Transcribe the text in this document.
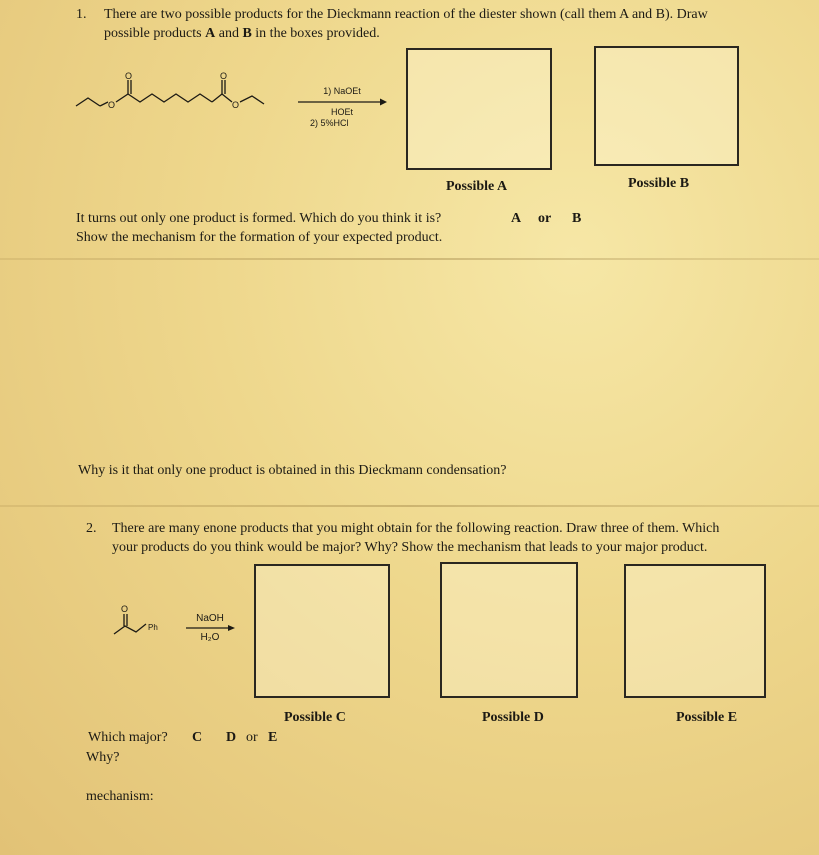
1. There are two possible products for the Dieckmann reaction of the diester shown (call them A and B). Draw
possible products A and B in the boxes provided.
O
O
O
O
1) NaOEt
HOEt
2) 5%HCl
Possible A	Possible B
It turns out only one product is formed. Which do you think it is?	A or B
Show the mechanism for the formation of your expected product.
Why is it that only one product is obtained in this Dieckmann condensation?
2. There are many enone products that you might obtain for the following reaction. Draw three of them. Which
your products do you think would be major? Why? Show the mechanism that leads to your major product.
O
Ph
NaOH
H₂O
Possible C	Possible D	Possible E
Which major? C D or E
Why?
mechanism:
